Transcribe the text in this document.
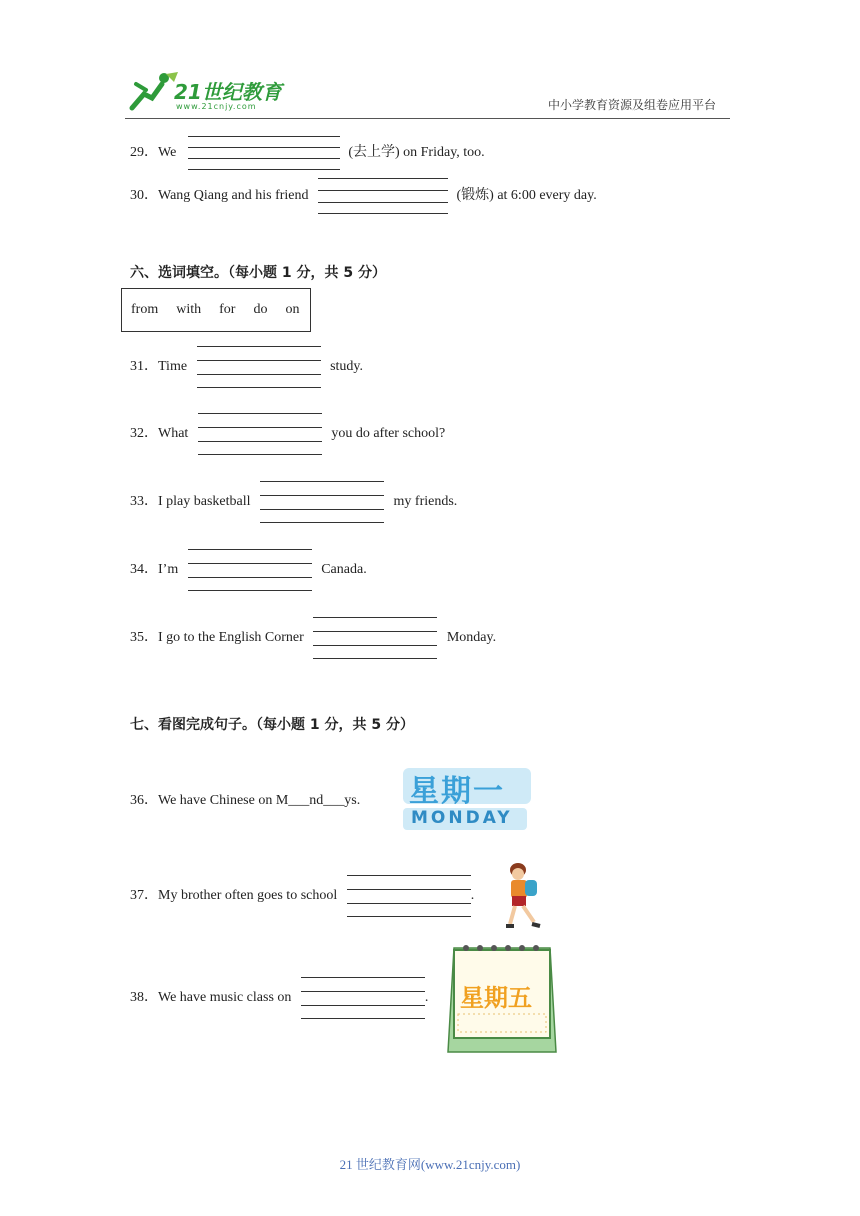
21世纪教育
www.21cnjy.com	中小学教育资源及组卷应用平台
29．We	(去上学) on Friday, too.
30．Wang Qiang and his friend	(锻炼) at 6:00 every day.
六、选词填空。（每小题 1 分，共 5 分）
from with for do on
31．Time	study.
32．What	you do after school?
33．I play basketball	my friends.
34．I’m	Canada.
35．I go to the English Corner	Monday.
七、看图完成句子。（每小题 1 分，共 5 分）
36．We have Chinese on M___nd___ys. 星期一
MONDAY
37．My brother often goes to school	.
38．We have music class on	. 星期五
21 世纪教育网(www.21cnjy.com)
